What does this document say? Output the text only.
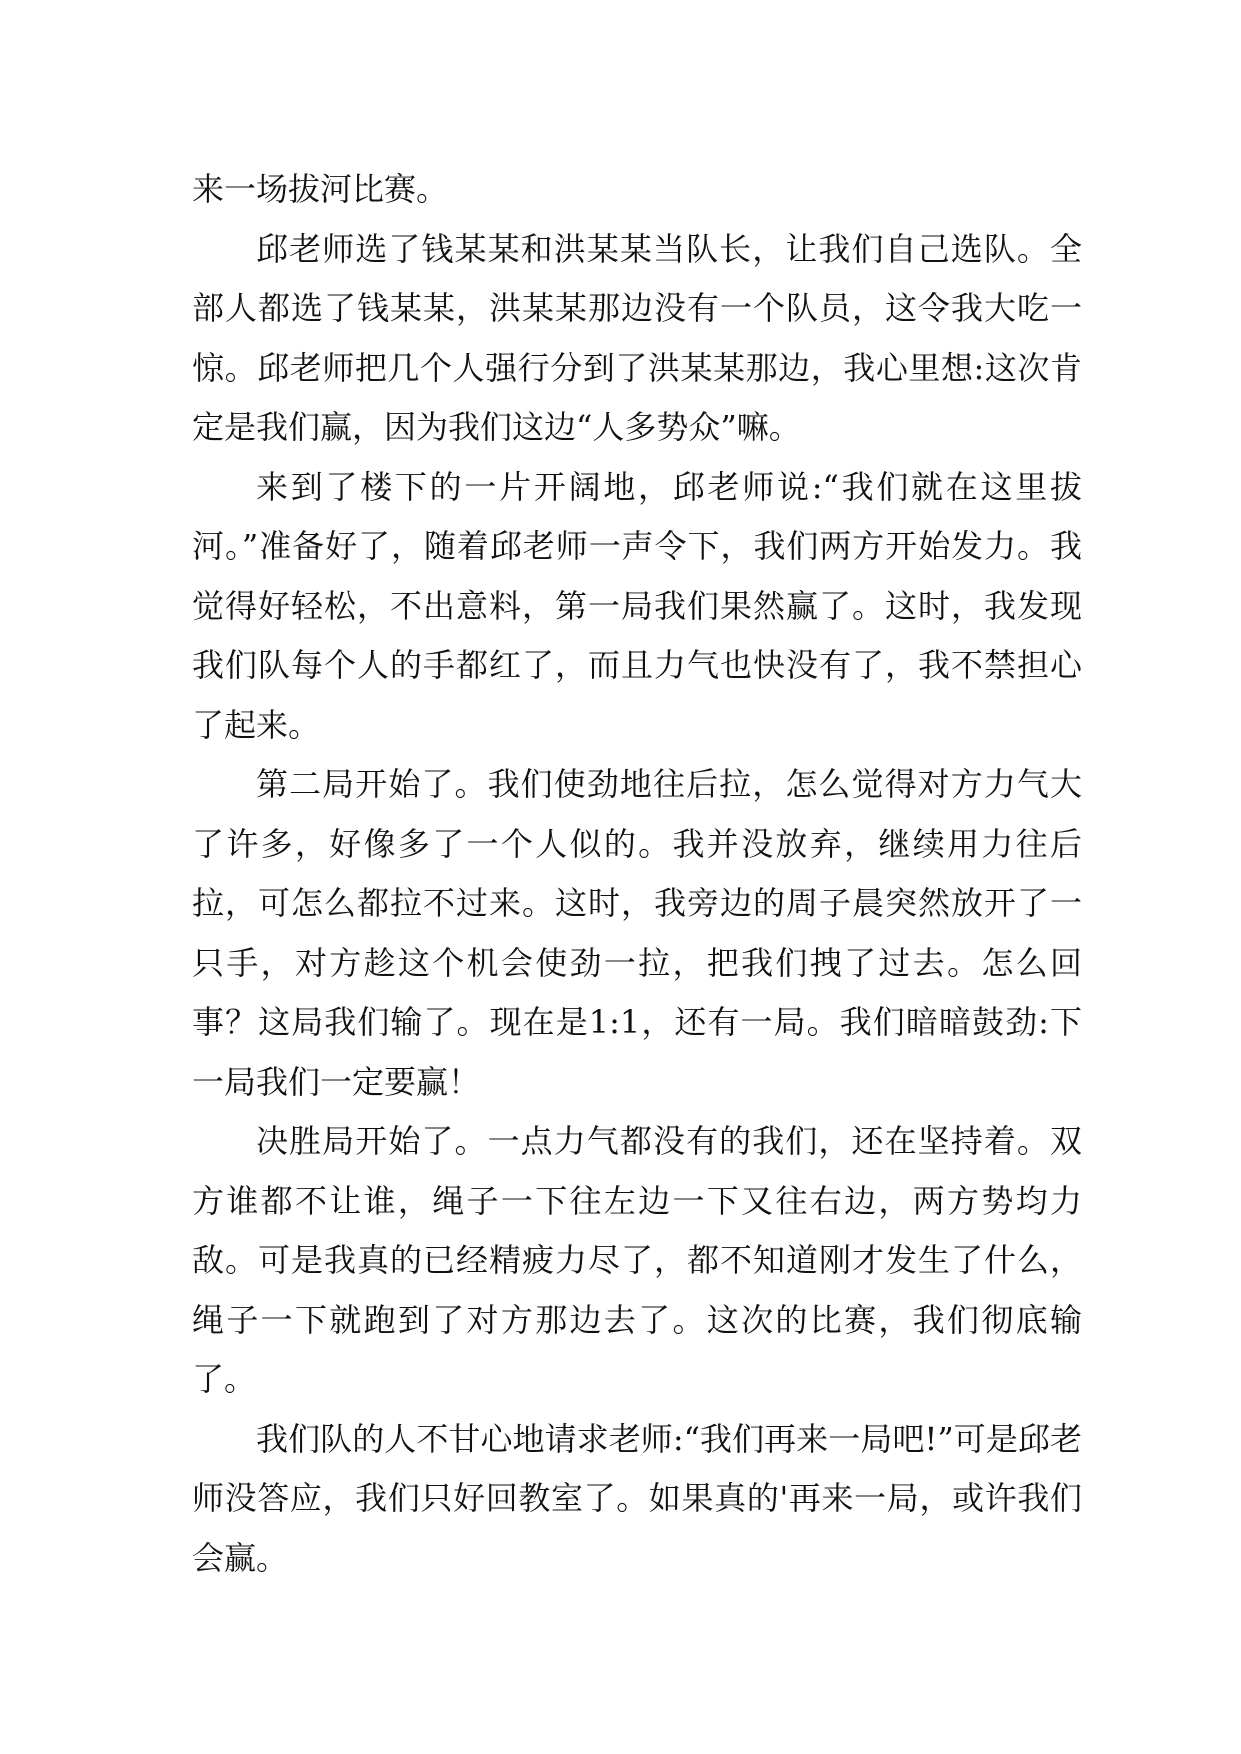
来一场拔河比赛。

邱老师选了钱某某和洪某某当队长，让我们自己选队。全部人都选了钱某某，洪某某那边没有一个队员，这令我大吃一惊。邱老师把几个人强行分到了洪某某那边，我心里想:这次肯定是我们赢，因为我们这边“人多势众”嘛。

来到了楼下的一片开阔地，邱老师说:“我们就在这里拔河。”准备好了，随着邱老师一声令下，我们两方开始发力。我觉得好轻松，不出意料，第一局我们果然赢了。这时，我发现我们队每个人的手都红了，而且力气也快没有了，我不禁担心了起来。

第二局开始了。我们使劲地往后拉，怎么觉得对方力气大了许多，好像多了一个人似的。我并没放弃，继续用力往后拉，可怎么都拉不过来。这时，我旁边的周子晨突然放开了一只手，对方趁这个机会使劲一拉，把我们拽了过去。怎么回事？这局我们输了。现在是1:1，还有一局。我们暗暗鼓劲:下一局我们一定要赢！

决胜局开始了。一点力气都没有的我们，还在坚持着。双方谁都不让谁，绳子一下往左边一下又往右边，两方势均力敌。可是我真的已经精疲力尽了，都不知道刚才发生了什么，绳子一下就跑到了对方那边去了。这次的比赛，我们彻底输了。

我们队的人不甘心地请求老师:“我们再来一局吧!”可是邱老师没答应，我们只好回教室了。如果真的'再来一局，或许我们会赢。
